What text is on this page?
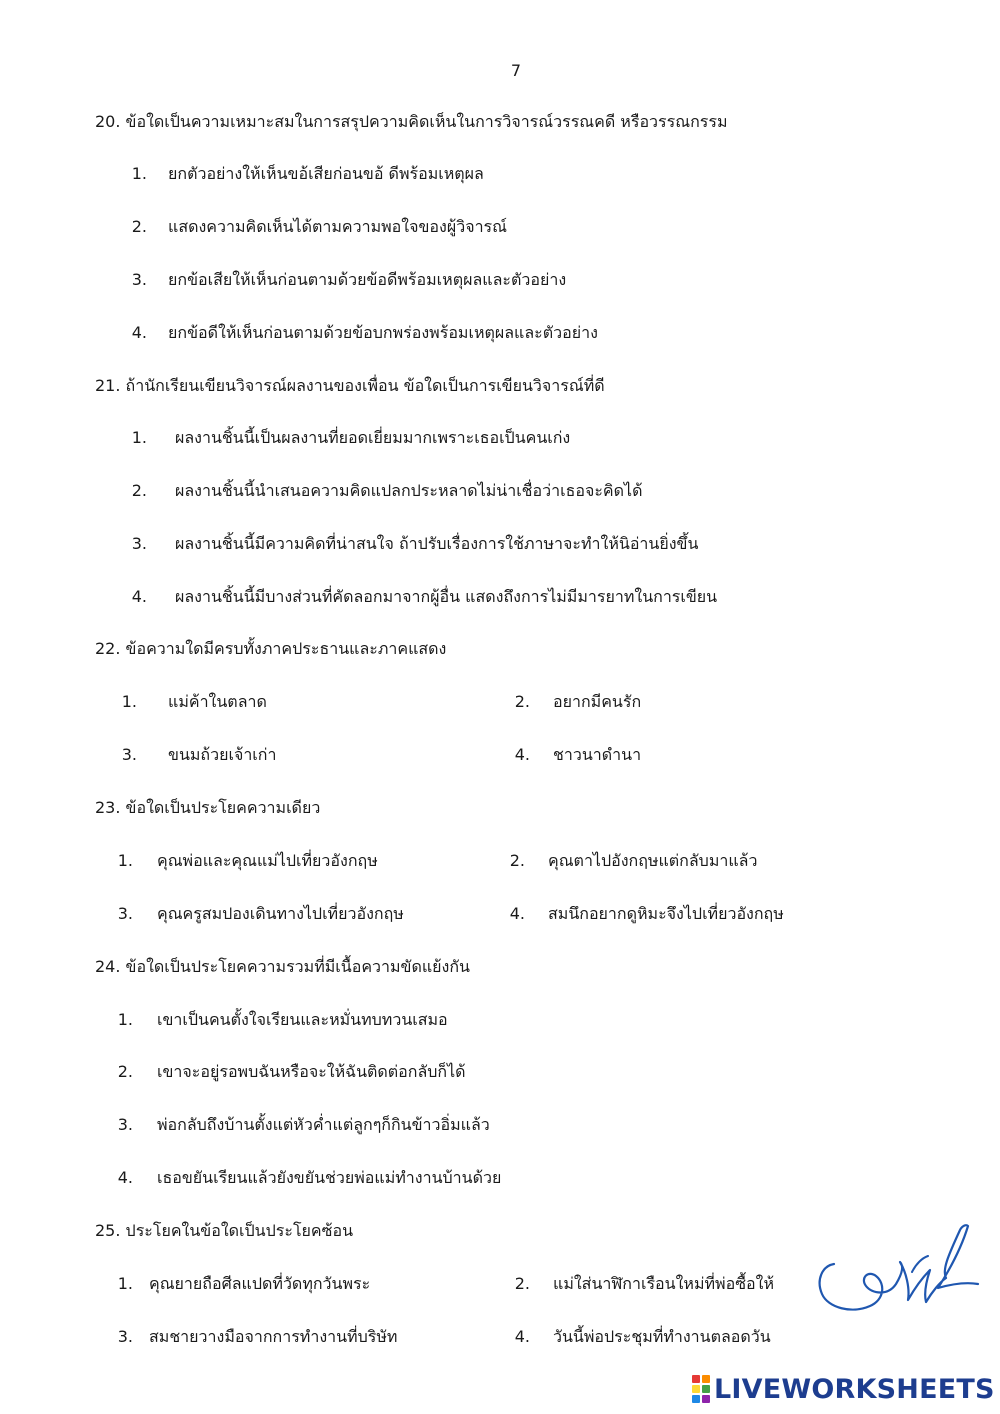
7
20. ข้อใดเป็นความเหมาะสมในการสรุปความคิดเห็นในการวิจารณ์วรรณคดี หรือวรรณกรรม
1. ยกตัวอย่างให้เห็นขอ้เสียก่อนขอ้ ดีพร้อมเหตุผล
2. แสดงความคิดเห็นได้ตามความพอใจของผู้วิจารณ์
3. ยกข้อเสียให้เห็นก่อนตามด้วยข้อดีพร้อมเหตุผลและตัวอย่าง
4. ยกข้อดีให้เห็นก่อนตามด้วยข้อบกพร่องพร้อมเหตุผลและตัวอย่าง
21. ถ้านักเรียนเขียนวิจารณ์ผลงานของเพื่อน ข้อใดเป็นการเขียนวิจารณ์ที่ดี
1. ผลงานชิ้นนี้เป็นผลงานที่ยอดเยี่ยมมากเพราะเธอเป็นคนเก่ง
2. ผลงานชิ้นนี้นำเสนอความคิดแปลกประหลาดไม่น่าเชื่อว่าเธอจะคิดได้
3. ผลงานชิ้นนี้มีความคิดที่น่าสนใจ ถ้าปรับเรื่องการใช้ภาษาจะทำให้นิอ่านยิ่งขึ้น
4. ผลงานชิ้นนี้มีบางส่วนที่คัดลอกมาจากผู้อื่น แสดงถึงการไม่มีมารยาทในการเขียน
22. ข้อความใดมีครบทั้งภาคประธานและภาคแสดง
1. แม่ค้าในตลาด	2. อยากมีคนรัก
3. ขนมถ้วยเจ้าเก่า	4. ชาวนาดำนา
23. ข้อใดเป็นประโยคความเดียว
1. คุณพ่อและคุณแม่ไปเที่ยวอังกฤษ	2. คุณตาไปอังกฤษแต่กลับมาแล้ว
3. คุณครูสมปองเดินทางไปเที่ยวอังกฤษ	4. สมนึกอยากดูหิมะจึงไปเที่ยวอังกฤษ
24. ข้อใดเป็นประโยคความรวมที่มีเนื้อความขัดแย้งกัน
1. เขาเป็นคนตั้งใจเรียนและหมั่นทบทวนเสมอ
2. เขาจะอยู่รอพบฉันหรือจะให้ฉันติดต่อกลับก็ได้
3. พ่อกลับถึงบ้านตั้งแต่หัวค่ำแต่ลูกๆก็กินข้าวอิ่มแล้ว
4. เธอขยันเรียนแล้วยังขยันช่วยพ่อแม่ทำงานบ้านด้วย
25. ประโยคในข้อใดเป็นประโยคซ้อน
1. คุณยายถือศีลแปดที่วัดทุกวันพระ	2. แม่ใส่นาฬิกาเรือนใหม่ที่พ่อซื้อให้
3. สมชายวางมือจากการทำงานที่บริษัท	4. วันนี้พ่อประชุมที่ทำงานตลอดวัน
LIVEWORKSHEETS
